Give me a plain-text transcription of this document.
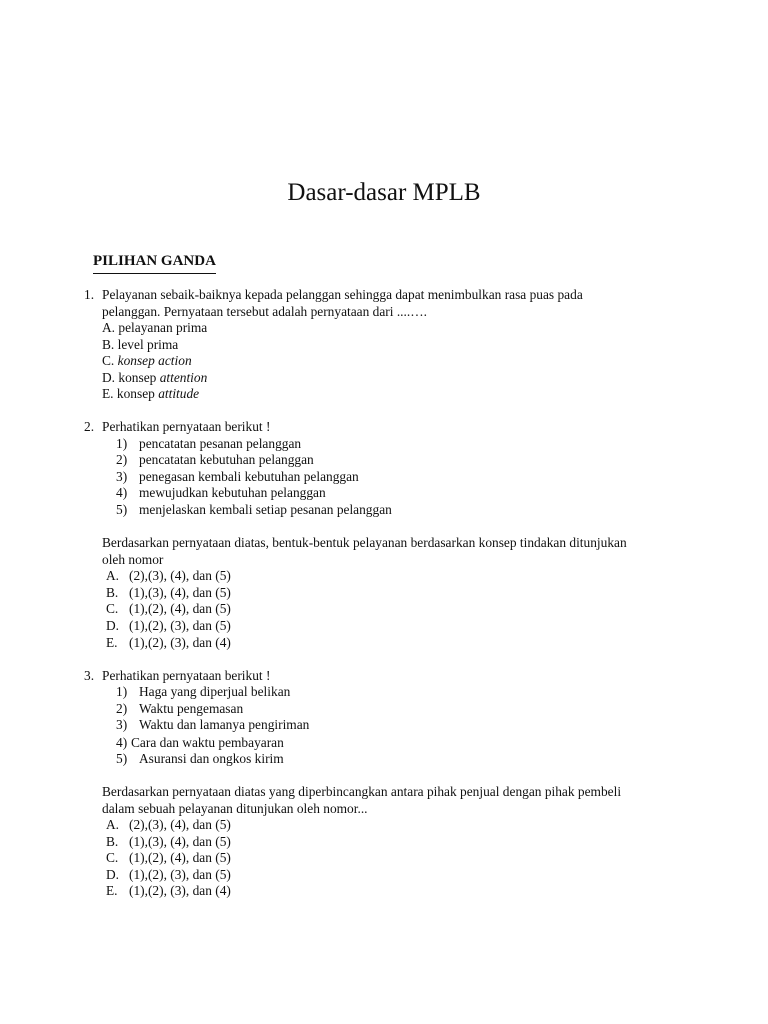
Dasar-dasar MPLB
PILIHAN GANDA
1. Pelayanan sebaik-baiknya kepada pelanggan sehingga dapat menimbulkan rasa puas pada
pelanggan. Pernyataan tersebut adalah pernyataan dari ....….
A. pelayanan prima
B. level prima
C. konsep action
D. konsep attention
E. konsep attitude
2. Perhatikan pernyataan berikut !
1) pencatatan pesanan pelanggan
2) pencatatan kebutuhan pelanggan
3) penegasan kembali kebutuhan pelanggan
4) mewujudkan kebutuhan pelanggan
5) menjelaskan kembali setiap pesanan pelanggan
Berdasarkan pernyataan diatas, bentuk-bentuk pelayanan berdasarkan konsep tindakan ditunjukan
oleh nomor
A. (2),(3), (4), dan (5)
B. (1),(3), (4), dan (5)
C. (1),(2), (4), dan (5)
D. (1),(2), (3), dan (5)
E. (1),(2), (3), dan (4)
3. Perhatikan pernyataan berikut !
1) Haga yang diperjual belikan
2) Waktu pengemasan
3) Waktu dan lamanya pengiriman
4) Cara dan waktu pembayaran
5) Asuransi dan ongkos kirim
Berdasarkan pernyataan diatas yang diperbincangkan antara pihak penjual dengan pihak pembeli
dalam sebuah pelayanan ditunjukan oleh nomor...
A. (2),(3), (4), dan (5)
B. (1),(3), (4), dan (5)
C. (1),(2), (4), dan (5)
D. (1),(2), (3), dan (5)
E. (1),(2), (3), dan (4)
